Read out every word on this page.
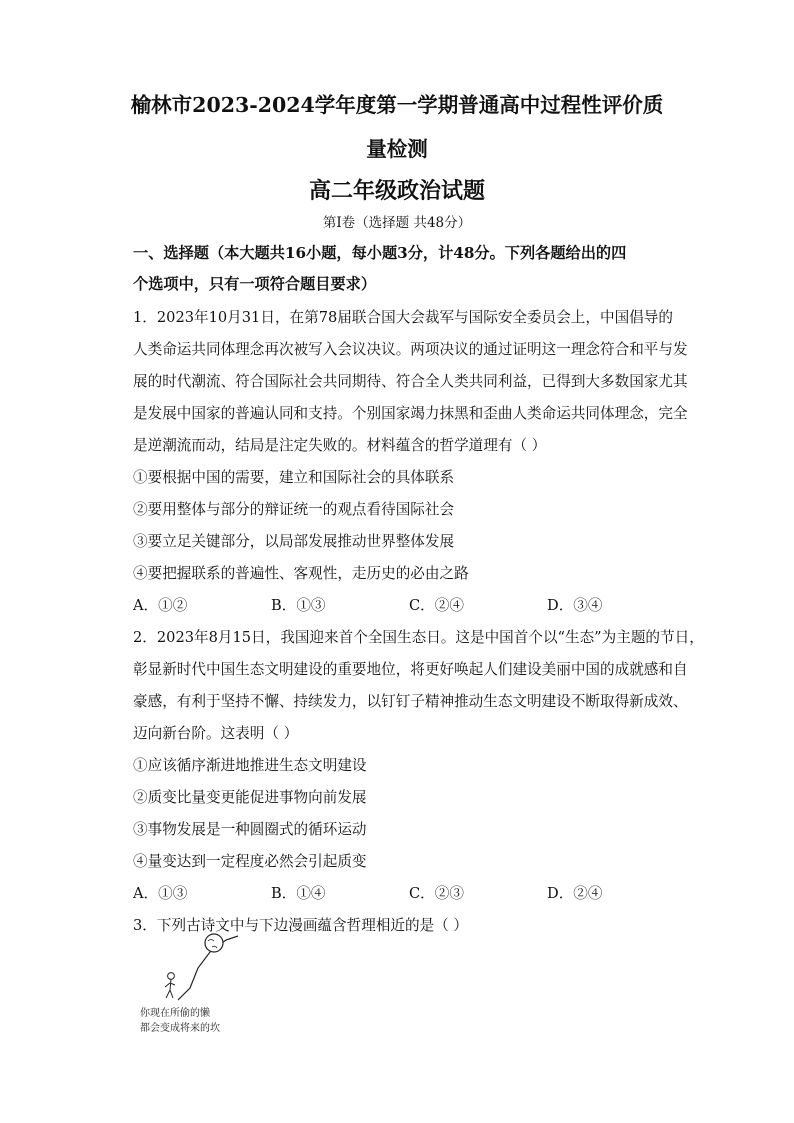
榆林市2023-2024学年度第一学期普通高中过程性评价质
量检测
高二年级政治试题
第Ⅰ卷（选择题 共48分）
一、选择题（本大题共16小题，每小题3分，计48分。下列各题给出的四
个选项中，只有一项符合题目要求）
1．2023年10月31日，在第78届联合国大会裁军与国际安全委员会上，中国倡导的
人类命运共同体理念再次被写入会议决议。两项决议的通过证明这一理念符合和平与发
展的时代潮流、符合国际社会共同期待、符合全人类共同利益，已得到大多数国家尤其
是发展中国家的普遍认同和支持。个别国家竭力抹黑和歪曲人类命运共同体理念，完全
是逆潮流而动，结局是注定失败的。材料蕴含的哲学道理有（ ）
①要根据中国的需要，建立和国际社会的具体联系
②要用整体与部分的辩证统一的观点看待国际社会
③要立足关键部分，以局部发展推动世界整体发展
④要把握联系的普遍性、客观性，走历史的必由之路
A．①②	B．①③	C．②④	D．③④
2．2023年8月15日，我国迎来首个全国生态日。这是中国首个以“生态”为主题的节日，
彰显新时代中国生态文明建设的重要地位，将更好唤起人们建设美丽中国的成就感和自
豪感，有利于坚持不懈、持续发力，以钉钉子精神推动生态文明建设不断取得新成效、
迈向新台阶。这表明（ ）
①应该循序渐进地推进生态文明建设
②质变比量变更能促进事物向前发展
③事物发展是一种圆圈式的循环运动
④量变达到一定程度必然会引起质变
A．①③	B．①④	C．②③	D．②④
3．下列古诗文中与下边漫画蕴含哲理相近的是（ ）
你现在所偷的懒
都会变成将来的坎
